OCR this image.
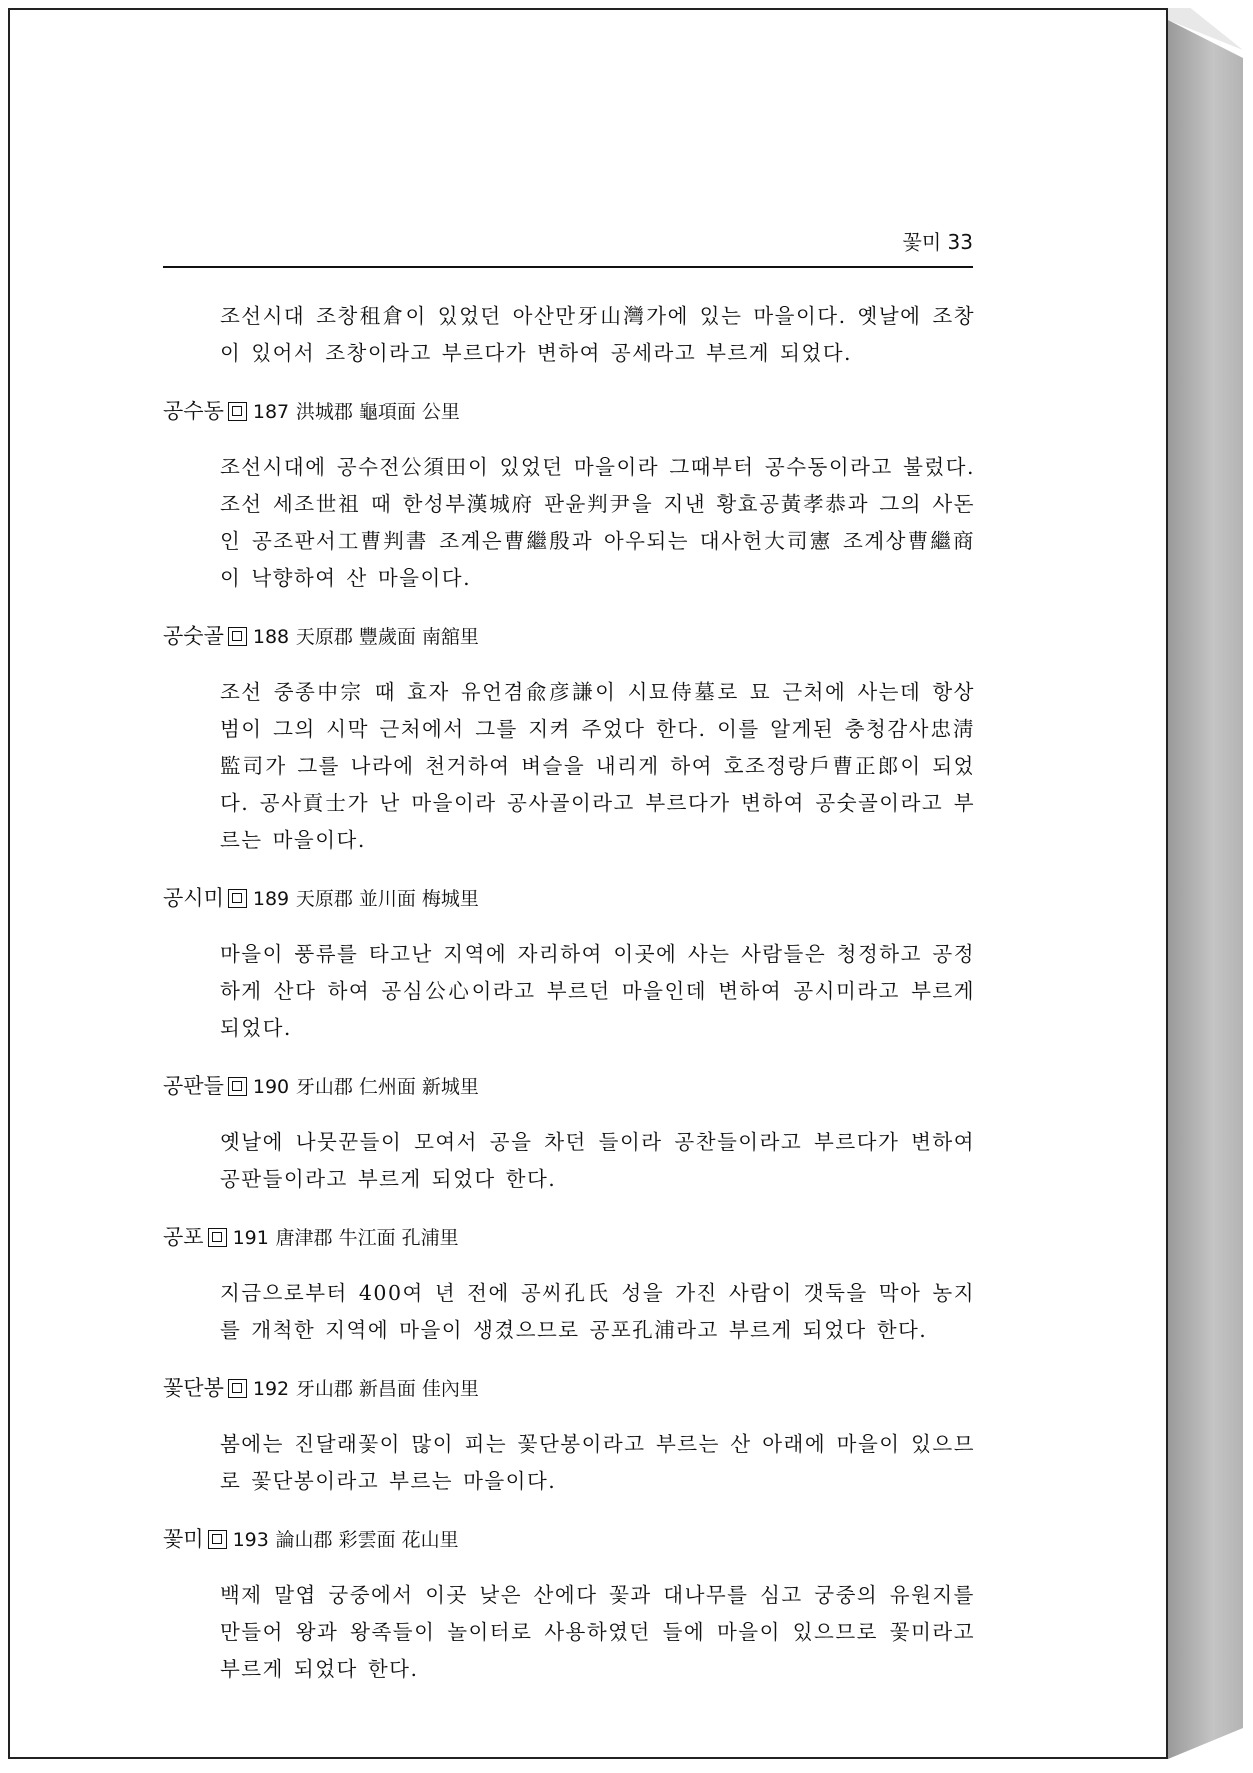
꽃미 33

조선시대 조창租倉이 있었던 아산만牙山灣가에 있는 마을이다. 옛날에 조창이 있어서 조창이라고 부르다가 변하여 공세라고 부르게 되었다.

공수동 187 洪城郡 龜項面 公里

조선시대에 공수전公須田이 있었던 마을이라 그때부터 공수동이라고 불렀다. 조선 세조世祖 때 한성부漢城府 판윤判尹을 지낸 황효공黃孝恭과 그의 사돈인 공조판서工曹判書 조계은曹繼殷과 아우되는 대사헌大司憲 조계상曹繼商이 낙향하여 산 마을이다.

공숫골 188 天原郡 豐歲面 南舘里

조선 중종中宗 때 효자 유언겸兪彦謙이 시묘侍墓로 묘 근처에 사는데 항상 범이 그의 시막 근처에서 그를 지켜 주었다 한다. 이를 알게된 충청감사忠淸監司가 그를 나라에 천거하여 벼슬을 내리게 하여 호조정랑戶曹正郎이 되었다. 공사貢士가 난 마을이라 공사골이라고 부르다가 변하여 공숫골이라고 부르는 마을이다.

공시미 189 天原郡 並川面 梅城里

마을이 풍류를 타고난 지역에 자리하여 이곳에 사는 사람들은 청정하고 공정하게 산다 하여 공심公心이라고 부르던 마을인데 변하여 공시미라고 부르게 되었다.

공판들 190 牙山郡 仁州面 新城里

옛날에 나뭇꾼들이 모여서 공을 차던 들이라 공찬들이라고 부르다가 변하여 공판들이라고 부르게 되었다 한다.

공포 191 唐津郡 牛江面 孔浦里

지금으로부터 400여 년 전에 공씨孔氏 성을 가진 사람이 갯둑을 막아 농지를 개척한 지역에 마을이 생겼으므로 공포孔浦라고 부르게 되었다 한다.

꽃단봉 192 牙山郡 新昌面 佳內里

봄에는 진달래꽃이 많이 피는 꽃단봉이라고 부르는 산 아래에 마을이 있으므로 꽃단봉이라고 부르는 마을이다.

꽃미 193 論山郡 彩雲面 花山里

백제 말엽 궁중에서 이곳 낮은 산에다 꽃과 대나무를 심고 궁중의 유원지를 만들어 왕과 왕족들이 놀이터로 사용하였던 들에 마을이 있으므로 꽃미라고 부르게 되었다 한다.
